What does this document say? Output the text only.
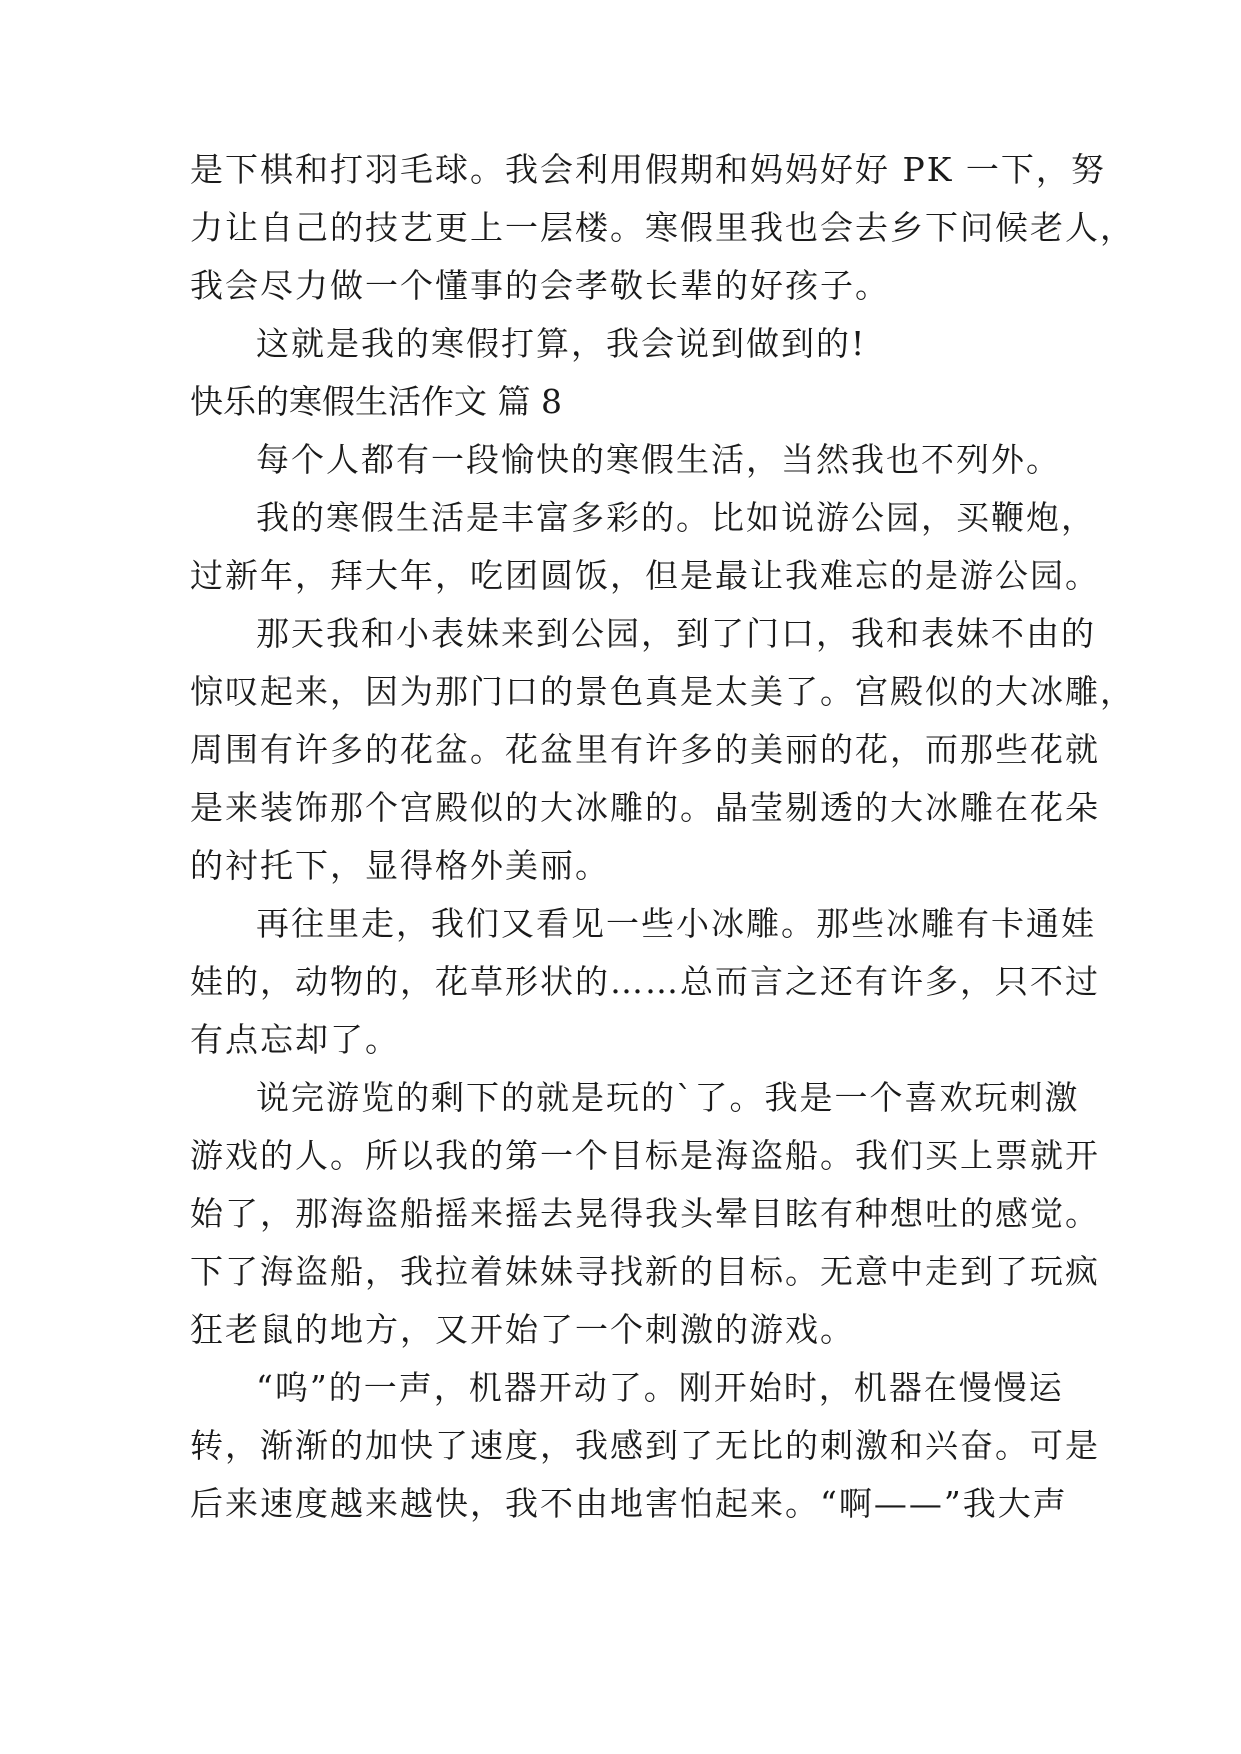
是下棋和打羽毛球。我会利用假期和妈妈好好 PK 一下，努
力让自己的技艺更上一层楼。寒假里我也会去乡下问候老人，
我会尽力做一个懂事的会孝敬长辈的好孩子。
这就是我的寒假打算，我会说到做到的!
快乐的寒假生活作文 篇 8
每个人都有一段愉快的寒假生活，当然我也不列外。
我的寒假生活是丰富多彩的。比如说游公园，买鞭炮，
过新年，拜大年，吃团圆饭，但是最让我难忘的是游公园。
那天我和小表妹来到公园，到了门口，我和表妹不由的
惊叹起来，因为那门口的景色真是太美了。宫殿似的大冰雕，
周围有许多的花盆。花盆里有许多的美丽的花，而那些花就
是来装饰那个宫殿似的大冰雕的。晶莹剔透的大冰雕在花朵
的衬托下，显得格外美丽。
再往里走，我们又看见一些小冰雕。那些冰雕有卡通娃
娃的，动物的，花草形状的……总而言之还有许多，只不过
有点忘却了。
说完游览的剩下的就是玩的`了。我是一个喜欢玩刺激
游戏的人。所以我的第一个目标是海盗船。我们买上票就开
始了，那海盗船摇来摇去晃得我头晕目眩有种想吐的感觉。
下了海盗船，我拉着妹妹寻找新的目标。无意中走到了玩疯
狂老鼠的地方，又开始了一个刺激的游戏。
“呜”的一声，机器开动了。刚开始时，机器在慢慢运
转，渐渐的加快了速度，我感到了无比的刺激和兴奋。可是
后来速度越来越快，我不由地害怕起来。“啊——”我大声
